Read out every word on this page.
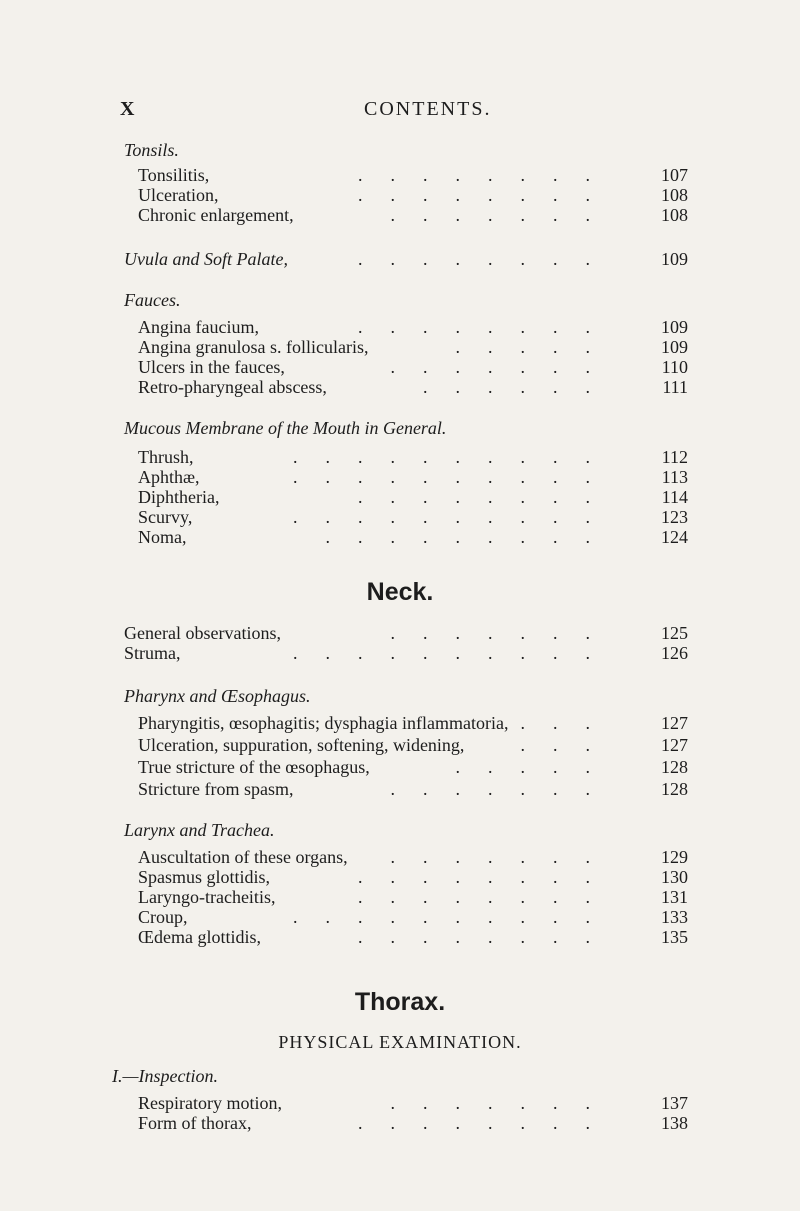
X	CONTENTS.
Tonsils.
Tonsilitis,	........	107
Ulceration,	........	108
Chronic enlargement,	.......	108
Uvula and Soft Palate,	........	109
Fauces.
Angina faucium,	........	109
Angina granulosa s. follicularis,	.....	109
Ulcers in the fauces,	.......	110
Retro-pharyngeal abscess,	......	111
Mucous Membrane of the Mouth in General.
Thrush,	..........	112
Aphthæ,	..........	113
Diphtheria,	........	114
Scurvy,	..........	123
Noma,	.........	124
Neck.
General observations,	.......	125
Struma,	..........	126
Pharynx and Œsophagus.
Pharyngitis, œsophagitis; dysphagia inflammatoria, ...	127
Ulceration, suppuration, softening, widening,	...	127
True stricture of the œsophagus,	.....	128
Stricture from spasm,	.......	128
Larynx and Trachea.
Auscultation of these organs,	.......	129
Spasmus glottidis,	........	130
Laryngo-tracheitis,	........	131
Croup,	..........	133
Œdema glottidis,	........	135
Thorax.
PHYSICAL EXAMINATION.
I.—Inspection.
Respiratory motion,	.......	137
Form of thorax,	........	138
